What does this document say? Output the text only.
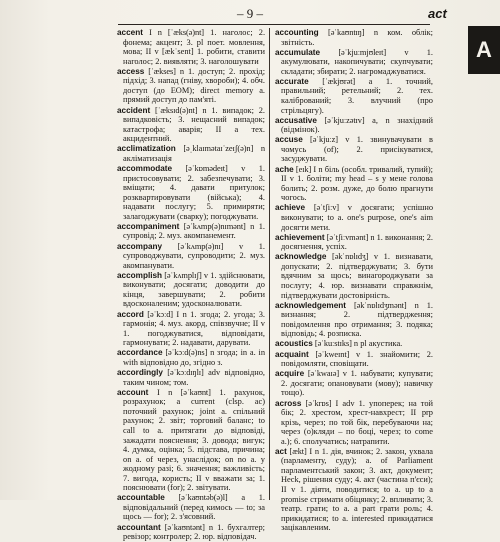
– 9 –	act
A

accent I n [ˈæks(ə)nt] 1. наголос; 2. фонема; акцент; 3. pl поет. мовлення, мова; II v [ækˈsent] 1. робити, ставити наголос; 2. виявляти; 3. наголошувати

access [ˈækses] n 1. доступ; 2. прохід; підхід; 3. напад (гніву, хвороби); 4. обч. доступ (до ЕОМ); direct memory a. прямий доступ до пам'яті.

accident [ˈæksɪd(ə)nt] n 1. випадок; 2. випадковість; 3. нещасний випадок; катастрофа; аварія; II a тех. акцидентний.

acclimatization [əˌklaɪmətaɪˈzeɪʃ(ə)n] n акліматизація

accommodate [əˈkɒmədeɪt] v 1. пристосовувати; 2. забезпечувати; 3. вміщати; 4. давати притулок; розквартировувати (війська); 4. надавати послугу; 5. примиряти; залагоджувати (сварку); погоджувати.

accompaniment [əˈkʌmp(ə)nɪmənt] n 1. супровід; 2. муз. акомпанемент.

accompany [əˈkʌmp(ə)nɪ] v 1. супроводжувати, супроводити; 2. муз. акомпанувати.

accomplish [əˈkʌmplɪʃ] v 1. здійснювати, виконувати; досягати; доводити до кінця, завершувати; 2. робити вдосконаленим; удосконалювати.

accord [əˈkɔːd] I n 1. згода; 2. угода; 3. гармонія; 4. муз. акорд, співзвучне; II v 1. погоджуватися, відповідати, гармонувати; 2. надавати, дарувати.

accordance [əˈkɔːd(ə)ns] n згода; in a. in with відповідно до, згідно з.

accordingly [əˈkɔːdɪŋlɪ] adv відповідно, таким чином; том.

account I n [əˈkaʊnt] 1. рахунок, розрахунок; a current (clsp. ac) поточний рахунок; joint a. спільний рахунок; 2. звіт; торговий баланс; to call to a. притягати до відповіді, зажадати пояснення; 3. довода; вигук; 4. думка, оцінка; 5. підстава, причина; on a. of через, унаслідок; on no a. у жодному разі; 6. значення; важливість; 7. вигода, користь; II v вважати за; 1. пояснювати (for); 2. звітувати.

accountable [əˈkaʊntəb(ə)l] a 1. відповідальний (перед кимось — to; за щось — for); 2. з'ясовний.

accountant [əˈkaʊntənt] n 1. бухгалтер; ревізор; контролер; 2. юр. відповідач.

accounting [əˈkaʊntɪŋ] n ком. облік; звітність.

accumulate [əˈkjuːmjʊleɪt] v 1. акумулювати, накопичувати; скупчувати; складати; збирати; 2. нагромаджуватися.

accurate [ˈækjʊrət] a 1. точний, правильний; ретельний; 2. тех. калібрований; 3. влучний (про стрільцягу).

accusative [əˈkjuːzətɪv] a, n знахідний (відмінок).

accuse [əˈkjuːz] v 1. звинувачувати в чомусь (of); 2. присікуватися, засуджувати.

ache [eɪk] I n біль (особл. тривалий, тупий); II v 1. боліти; my head – s у мене голова болить; 2. розм. дуже, до болю прагнути чогось.

achieve [əˈtʃiːv] v досягати; успішно виконувати; to a. one's purpose, one's aim досягти мети.

achievement [əˈtʃiːvmənt] n 1. виконання; 2. досягнення, успіх.

acknowledge [əkˈnɒlɪdʒ] v 1. визнавати, допускати; 2. підтверджувати; 3. бути вдячним за щось; винагороджувати за послугу; 4. юр. визнавати справжнім, підтверджувати достовірність.

acknowledgement [əkˈnɒlɪdʒmənt] n 1. визнання; 2. підтвердження; повідомлення про отримання; 3. подяка; відповідь; 4. розписка.

acoustics [əˈkuːstɪks] n pl акустика.

acquaint [əˈkweɪnt] v 1. знайомити; 2. повідомляти, сповіщати.

acquire [əˈkwaɪə] v 1. набувати; купувати; 2. досягати; опановувати (мову); навичку тощо).

across [əˈkrɒs] I adv 1. упоперек; на той бік; 2. хрестом, хрест-навхрест; II prp крізь, через; по той бік, перебуваючи на; через (о)кляди – по боці, через; to come a.); 6. сполучатись; натрапити.

act [ækt] I n 1. дія, вчинок; 2. закон, ухвала (парламенту, суду); a. of Parliament парламентський закон; 3. акт, документ; Heck, рішення суду; 4. акт (частина п'єси); II v 1. діяти, поводитися; to a. up to a promise стримати обіцянку; 2. впливати; 3. театр. грати; to a. a part грати роль; 4. прикидатися; to a. interested прикидатися зацікавленим.
